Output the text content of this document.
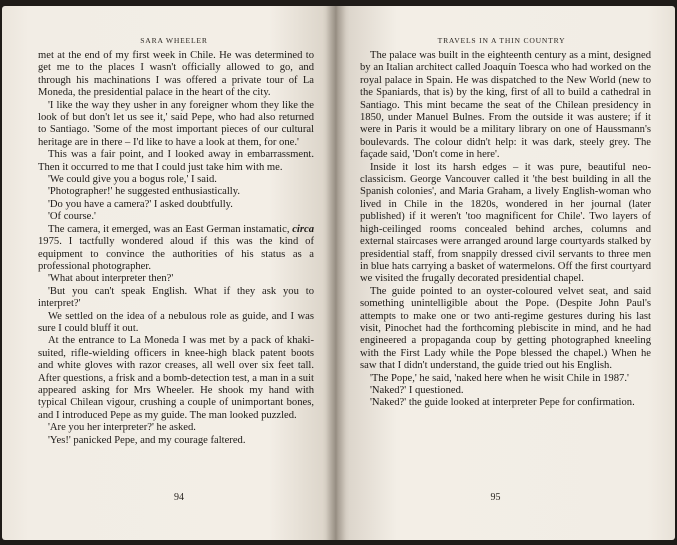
SARA WHEELER

met at the end of my first week in Chile. He was determined to get me to the places I wasn't officially allowed to go, and through his machinations I was offered a private tour of La Moneda, the presidential palace in the heart of the city.

'I like the way they usher in any foreigner whom they like the look of but don't let us see it,' said Pepe, who had also returned to Santiago. 'Some of the most important pieces of our cultural heritage are in there – I'd like to have a look at them, for one.'

This was a fair point, and I looked away in embarrassment. Then it occurred to me that I could just take him with me.

'We could give you a bogus role,' I said.

'Photographer!' he suggested enthusiastically.

'Do you have a camera?' I asked doubtfully.

'Of course.'

The camera, it emerged, was an East German instamatic, circa 1975. I tactfully wondered aloud if this was the kind of equipment to convince the authorities of his status as a professional photographer.

'What about interpreter then?'

'But you can't speak English. What if they ask you to interpret?'

We settled on the idea of a nebulous role as guide, and I was sure I could bluff it out.

At the entrance to La Moneda I was met by a pack of khaki-suited, rifle-wielding officers in knee-high black patent boots and white gloves with razor creases, all well over six feet tall. After questions, a frisk and a bomb-detection test, a man in a suit appeared asking for Mrs Wheeler. He shook my hand with typical Chilean vigour, crushing a couple of unimportant bones, and I introduced Pepe as my guide. The man looked puzzled.

'Are you her interpreter?' he asked.

'Yes!' panicked Pepe, and my courage faltered.

94
TRAVELS IN A THIN COUNTRY

The palace was built in the eighteenth century as a mint, designed by an Italian architect called Joaquín Toesca who had worked on the royal palace in Spain. He was dispatched to the New World (new to the Spaniards, that is) by the king, first of all to build a cathedral in Santiago. This mint became the seat of the Chilean presidency in 1850, under Manuel Bulnes. From the outside it was austere; if it were in Paris it would be a military library on one of Haussmann's boulevards. The colour didn't help: it was dark, steely grey. The façade said, 'Don't come in here'.

Inside it lost its harsh edges – it was pure, beautiful neo-classicism. George Vancouver called it 'the best building in all the Spanish colonies', and Maria Graham, a lively English-woman who lived in Chile in the 1820s, wondered in her journal (later published) if it weren't 'too magnificent for Chile'. Two layers of high-ceilinged rooms concealed behind arches, columns and external staircases were arranged around large courtyards stalked by presidential staff, from snappily dressed civil servants to three men in blue hats carrying a basket of watermelons. Off the first courtyard we visited the frugally decorated presidential chapel.

The guide pointed to an oyster-coloured velvet seat, and said something unintelligible about the Pope. (Despite John Paul's attempts to make one or two anti-regime gestures during his last visit, Pinochet had the forthcoming plebiscite in mind, and he had engineered a propaganda coup by getting photographed kneeling with the First Lady while the Pope blessed the chapel.) When he saw that I didn't understand, the guide tried out his English.

'The Pope,' he said, 'naked here when he wisit Chile in 1987.'

'Naked?' I questioned.

'Naked?' the guide looked at interpreter Pepe for confirmation.

95
